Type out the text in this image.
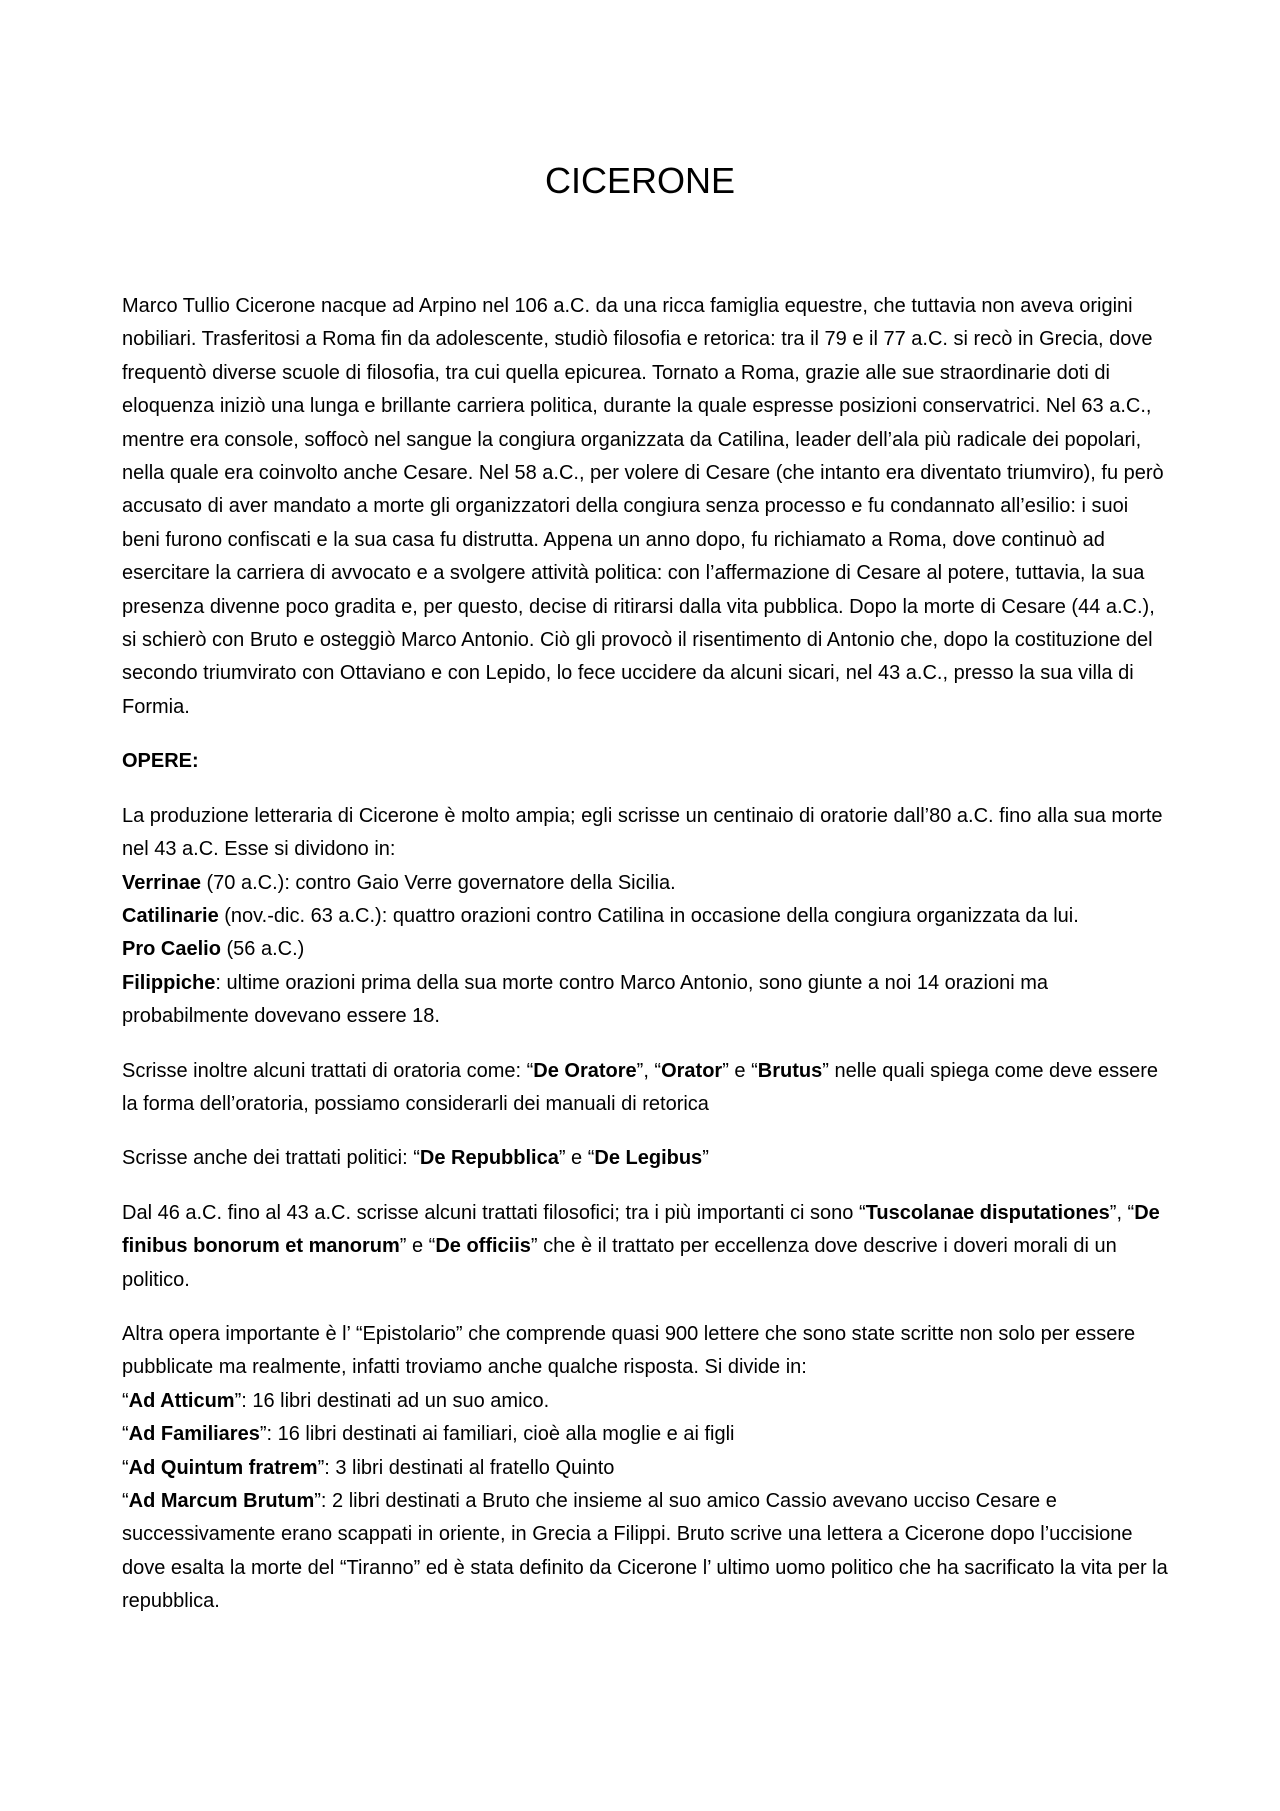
CICERONE

Marco Tullio Cicerone nacque ad Arpino nel 106 a.C. da una ricca famiglia equestre, che tuttavia non aveva origini nobiliari. Trasferitosi a Roma fin da adolescente, studiò filosofia e retorica: tra il 79 e il 77 a.C. si recò in Grecia, dove frequentò diverse scuole di filosofia, tra cui quella epicurea. Tornato a Roma, grazie alle sue straordinarie doti di eloquenza iniziò una lunga e brillante carriera politica, durante la quale espresse posizioni conservatrici. Nel 63 a.C., mentre era console, soffocò nel sangue la congiura organizzata da Catilina, leader dell’ala più radicale dei popolari, nella quale era coinvolto anche Cesare. Nel 58 a.C., per volere di Cesare (che intanto era diventato triumviro), fu però accusato di aver mandato a morte gli organizzatori della congiura senza processo e fu condannato all’esilio: i suoi beni furono confiscati e la sua casa fu distrutta. Appena un anno dopo, fu richiamato a Roma, dove continuò ad esercitare la carriera di avvocato e a svolgere attività politica: con l’affermazione di Cesare al potere, tuttavia, la sua presenza divenne poco gradita e, per questo, decise di ritirarsi dalla vita pubblica. Dopo la morte di Cesare (44 a.C.), si schierò con Bruto e osteggiò Marco Antonio. Ciò gli provocò il risentimento di Antonio che, dopo la costituzione del secondo triumvirato con Ottaviano e con Lepido, lo fece uccidere da alcuni sicari, nel 43 a.C., presso la sua villa di Formia.

OPERE:

La produzione letteraria di Cicerone è molto ampia; egli scrisse un centinaio di oratorie dall’80 a.C. fino alla sua morte nel 43 a.C. Esse si dividono in:
Verrinae (70 a.C.): contro Gaio Verre governatore della Sicilia.
Catilinarie (nov.-dic. 63 a.C.): quattro orazioni contro Catilina in occasione della congiura organizzata da lui.
Pro Caelio (56 a.C.)
Filippiche: ultime orazioni prima della sua morte contro Marco Antonio, sono giunte a noi 14 orazioni ma probabilmente dovevano essere 18.

Scrisse inoltre alcuni trattati di oratoria come: “De Oratore”, “Orator” e “Brutus” nelle quali spiega come deve essere la forma dell’oratoria, possiamo considerarli dei manuali di retorica

Scrisse anche dei trattati politici: “De Repubblica” e “De Legibus”

Dal 46 a.C. fino al 43 a.C. scrisse alcuni trattati filosofici; tra i più importanti ci sono “Tuscolanae disputationes”, “De finibus bonorum et manorum” e “De officiis” che è il trattato per eccellenza dove descrive i doveri morali di un politico.

Altra opera importante è l’ “Epistolario” che comprende quasi 900 lettere che sono state scritte non solo per essere pubblicate ma realmente, infatti troviamo anche qualche risposta. Si divide in:
“Ad Atticum”: 16 libri destinati ad un suo amico.
“Ad Familiares”: 16 libri destinati ai familiari, cioè alla moglie e ai figli
“Ad Quintum fratrem”: 3 libri destinati al fratello Quinto
“Ad Marcum Brutum”: 2 libri destinati a Bruto che insieme al suo amico Cassio avevano ucciso Cesare e successivamente erano scappati in oriente, in Grecia a Filippi. Bruto scrive una lettera a Cicerone dopo l’uccisione dove esalta la morte del “Tiranno” ed è stata definito da Cicerone l’ ultimo uomo politico che ha sacrificato la vita per la repubblica.
